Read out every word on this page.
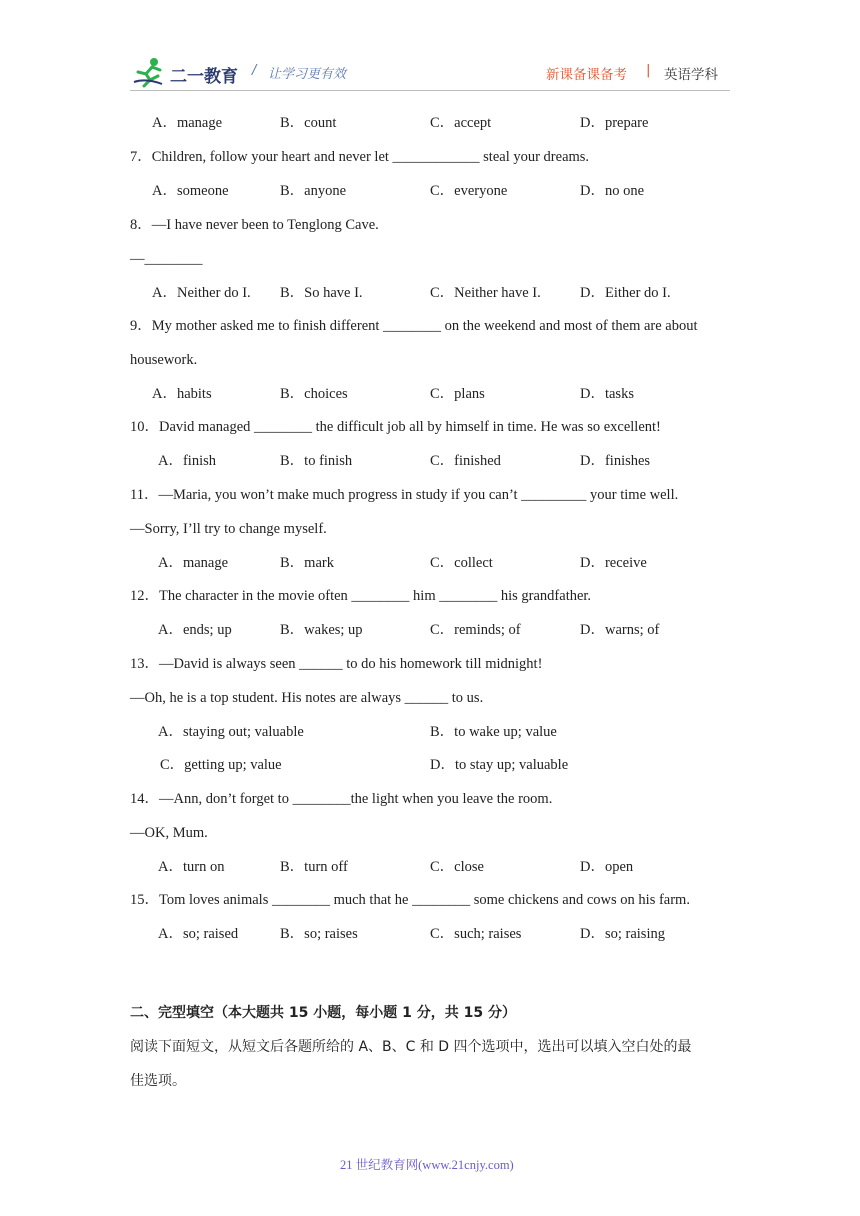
二一教育 / 让学习更有效	新课备课备考 | 英语学科
A．manage	B．count	C．accept	D．prepare
7．Children, follow your heart and never let ____________ steal your dreams.
A．someone	B．anyone	C．everyone	D．no one
8．—I have never been to Tenglong Cave.
—________
A．Neither do I. B．So have I.	C．Neither have I.	D．Either do I.
9．My mother asked me to finish different ________ on the weekend and most of them are about
housework.
A．habits	B．choices	C．plans	D．tasks
10．David managed ________ the difficult job all by himself in time. He was so excellent!
A．finish	B．to finish	C．finished	D．finishes
11．—Maria, you won’t make much progress in study if you can’t _________ your time well.
—Sorry, I’ll try to change myself.
A．manage	B．mark	C．collect	D．receive
12．The character in the movie often ________ him ________ his grandfather.
A．ends; up	B．wakes; up	C．reminds; of	D．warns; of
13．—David is always seen ______ to do his homework till midnight!
—Oh, he is a top student. His notes are always ______ to us.
A．staying out; valuable	B．to wake up; value
C．getting up; value	D．to stay up; valuable
14．—Ann, don’t forget to ________the light when you leave the room.
—OK, Mum.
A．turn on	B．turn off	C．close	D．open
15．Tom loves animals ________ much that he ________ some chickens and cows on his farm.
A．so; raised	B．so; raises	C．such; raises	D．so; raising
二、完型填空（本大题共 15 小题，每小题 1 分，共 15 分）
阅读下面短文，从短文后各题所给的 A、B、C 和 D 四个选项中，选出可以填入空白处的最
佳选项。
21 世纪教育网(www.21cnjy.com)
